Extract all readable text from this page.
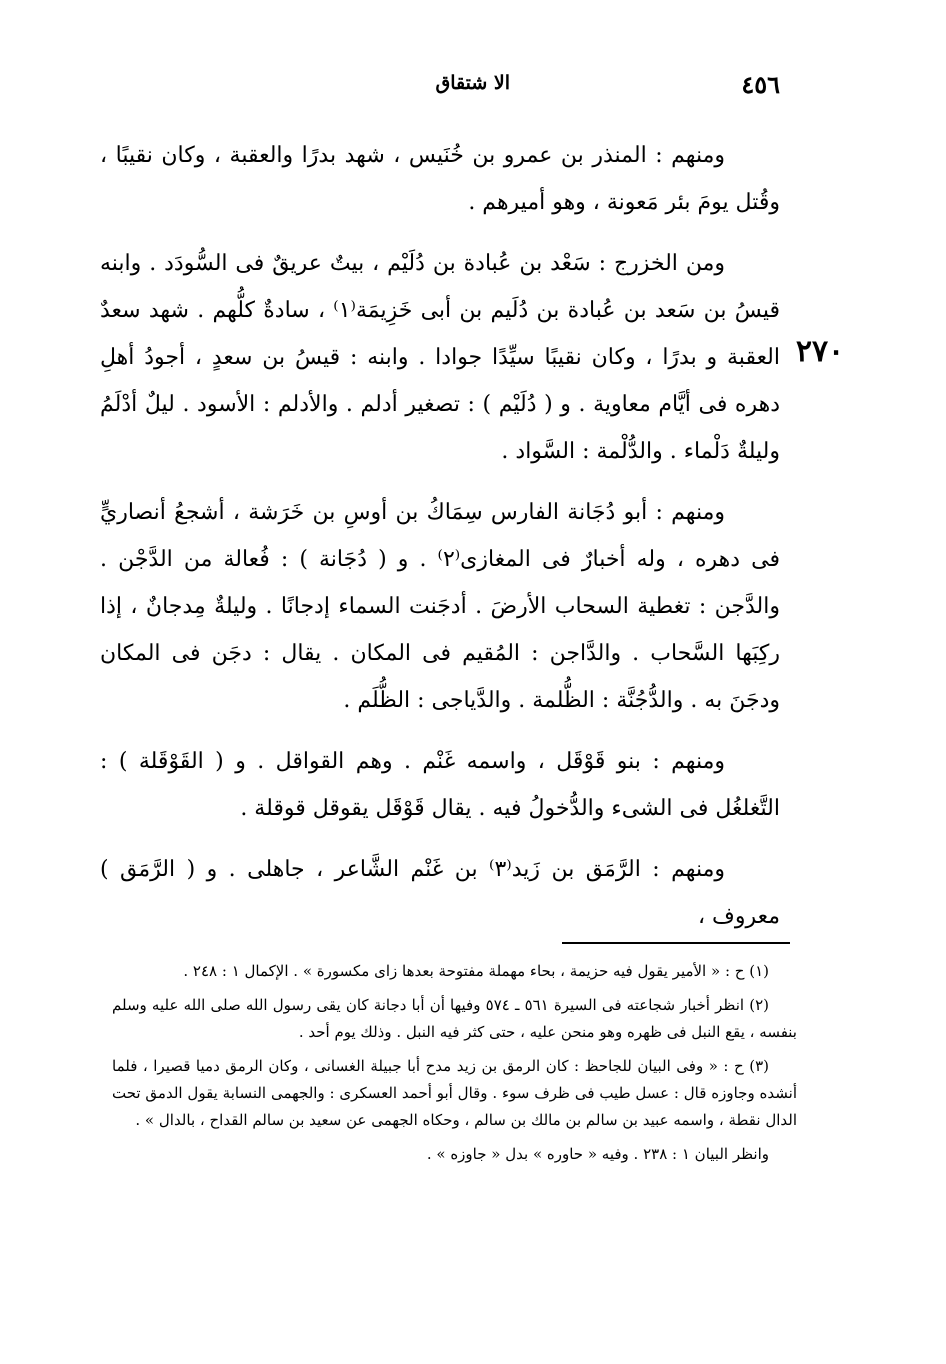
٤٥٦
الا شتقاق
٢٧٠

ومنهم : المنذر بن عمرو بن خُنَيس ، شهد بدرًا والعقبة ، وكان نقيبًا ، وقُتل يومَ بئر مَعونة ، وهو أميرهم .

ومن الخزرج : سَعْد بن عُبادة بن دُلَيْم ، بيتٌ عريقٌ فى السُّودَد . وابنه قيسُ بن سَعد بن عُبادة بن دُلَيم بن أبى خَزِيمَة⁽١⁾ ، سادةٌ كلُّهم . شهد سعدٌ العقبة و بدرًا ، وكان نقيبًا سيِّدًا جوادا . وابنه : قيسُ بن سعدٍ ، أجودُ أهلِ دهره فى أيَّام معاوية . و ( دُلَيْم ) : تصغير أدلم . والأدلم : الأسود . ليلٌ أدْلَمُ وليلةٌ دَلْماء . والدُّلْمة : السَّواد .

ومنهم : أبو دُجَانة الفارس سِمَاكُ بن أوسِ بن خَرَشة ، أشجعُ أنصاريٍّ فى دهره ، وله أخبارٌ فى المغازى⁽٢⁾ . و ( دُجَانة ) : فُعالة من الدَّجْن . والدَّجن : تغطية السحاب الأرضَ . أدجَنت السماء إدجانًا . وليلةٌ مِدجانٌ ، إذا ركِبَها السَّحاب . والدَّاجن : المُقيم فى المكان . يقال : دجَن فى المكان ودجَنَ به . والدُّجُنَّة : الظُّلمة . والدَّياجى : الظُّلَم .

ومنهم : بنو قَوْقَل ، واسمه غَنْم . وهم القواقل . و ( القَوْقَلة ) : التَّغلغُل فى الشىء والدُّخولُ فيه . يقال قَوْقَل يقوقل قوقلة .

ومنهم : الرَّمَق بن زَيد⁽٣⁾ بن غَنْم الشَّاعر ، جاهلى . و ( الرَّمَق ) معروف ،

(١) ح : « الأمير يقول فيه حزيمة ، بحاء مهملة مفتوحة بعدها زاى مكسورة » . الإكمال ١ : ٢٤٨ .

(٢) انظر أخبار شجاعته فى السيرة ٥٦١ ـ ٥٧٤ وفيها أن أبا دجانة كان يقى رسول الله صلى الله عليه وسلم بنفسه ، يقع النبل فى ظهره وهو منحن عليه ، حتى كثر فيه النبل . وذلك يوم أحد .

(٣) ح : « وفى البيان للجاحظ : كان الرمق بن زيد مدح أبا جبيلة الغسانى ، وكان الرمق دميا قصيرا ، فلما أنشده وجاوزه قال : عسل طيب فى ظرف سوء . وقال أبو أحمد العسكرى : والجهمى النسابة يقول الدمق تحت الدال نقطة ، واسمه عبيد بن سالم بن مالك بن سالم ، وحكاه الجهمى عن سعيد بن سالم القداح ، بالدال » .

وانظر البيان ١ : ٢٣٨ . وفيه « حاوره » بدل « جاوزه » .
